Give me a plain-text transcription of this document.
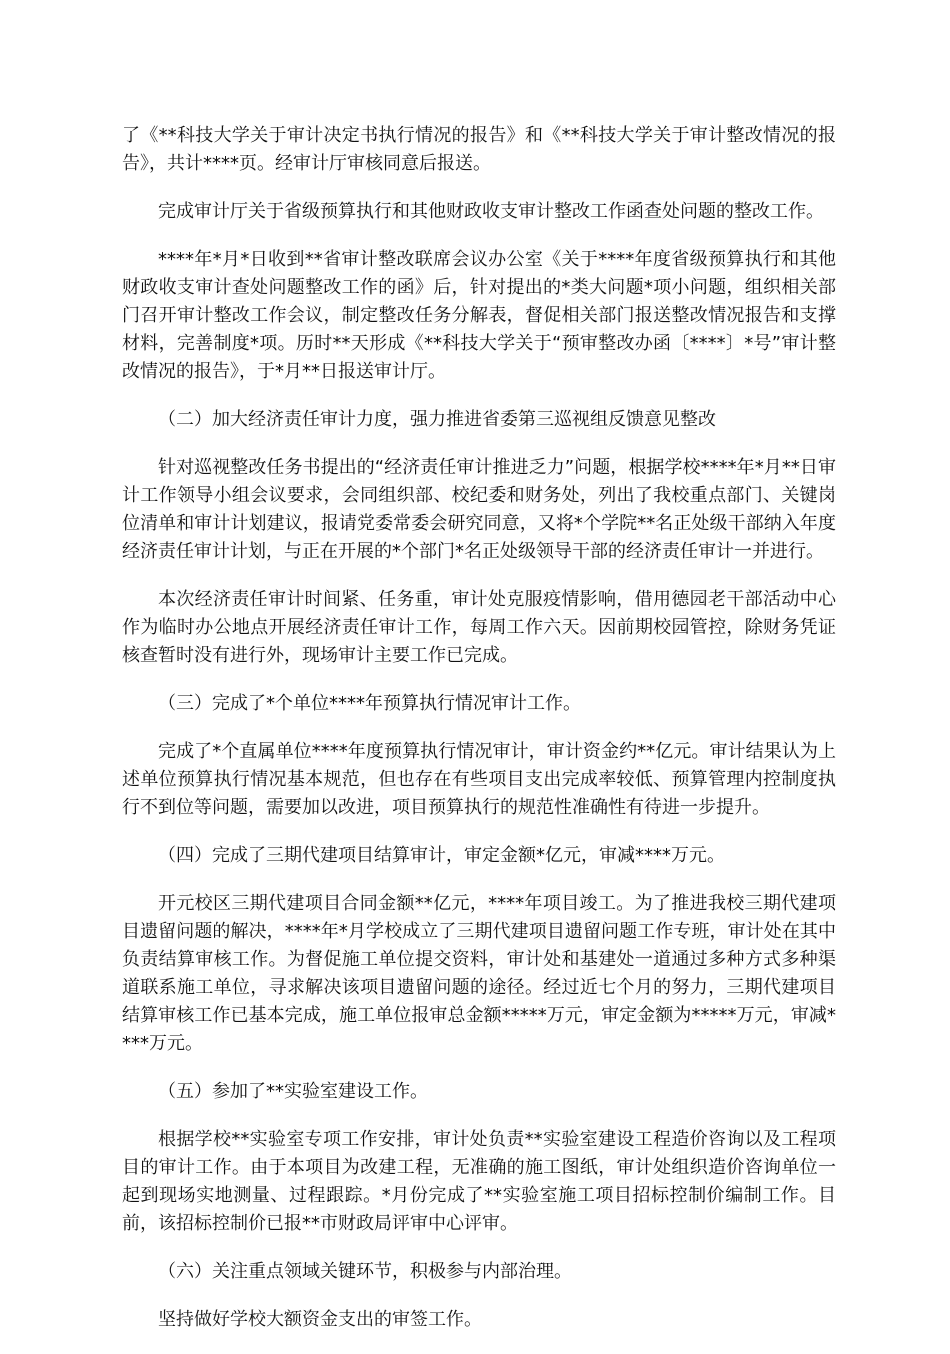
了《**科技大学关于审计决定书执行情况的报告》和《**科技大学关于审计整改情况的报告》，共计****页。经审计厅审核同意后报送。

完成审计厅关于省级预算执行和其他财政收支审计整改工作函查处问题的整改工作。

****年*月*日收到**省审计整改联席会议办公室《关于****年度省级预算执行和其他财政收支审计查处问题整改工作的函》后，针对提出的*类大问题*项小问题，组织相关部门召开审计整改工作会议，制定整改任务分解表，督促相关部门报送整改情况报告和支撑材料，完善制度*项。历时**天形成《**科技大学关于“预审整改办函〔****〕*号”审计整改情况的报告》，于*月**日报送审计厅。

（二）加大经济责任审计力度，强力推进省委第三巡视组反馈意见整改

针对巡视整改任务书提出的“经济责任审计推进乏力”问题，根据学校****年*月**日审计工作领导小组会议要求，会同组织部、校纪委和财务处，列出了我校重点部门、关键岗位清单和审计计划建议，报请党委常委会研究同意，又将*个学院**名正处级干部纳入年度经济责任审计计划，与正在开展的*个部门*名正处级领导干部的经济责任审计一并进行。

本次经济责任审计时间紧、任务重，审计处克服疫情影响，借用德园老干部活动中心作为临时办公地点开展经济责任审计工作，每周工作六天。因前期校园管控，除财务凭证核查暂时没有进行外，现场审计主要工作已完成。

（三）完成了*个单位****年预算执行情况审计工作。

完成了*个直属单位****年度预算执行情况审计，审计资金约**亿元。审计结果认为上述单位预算执行情况基本规范，但也存在有些项目支出完成率较低、预算管理内控制度执行不到位等问题，需要加以改进，项目预算执行的规范性准确性有待进一步提升。

（四）完成了三期代建项目结算审计，审定金额*亿元，审减****万元。

开元校区三期代建项目合同金额**亿元，****年项目竣工。为了推进我校三期代建项目遗留问题的解决，****年*月学校成立了三期代建项目遗留问题工作专班，审计处在其中负责结算审核工作。为督促施工单位提交资料，审计处和基建处一道通过多种方式多种渠道联系施工单位，寻求解决该项目遗留问题的途径。经过近七个月的努力，三期代建项目结算审核工作已基本完成，施工单位报审总金额*****万元，审定金额为*****万元，审减****万元。

（五）参加了**实验室建设工作。

根据学校**实验室专项工作安排，审计处负责**实验室建设工程造价咨询以及工程项目的审计工作。由于本项目为改建工程，无准确的施工图纸，审计处组织造价咨询单位一起到现场实地测量、过程跟踪。*月份完成了**实验室施工项目招标控制价编制工作。目前，该招标控制价已报**市财政局评审中心评审。

（六）关注重点领域关键环节，积极参与内部治理。

坚持做好学校大额资金支出的审签工作。
